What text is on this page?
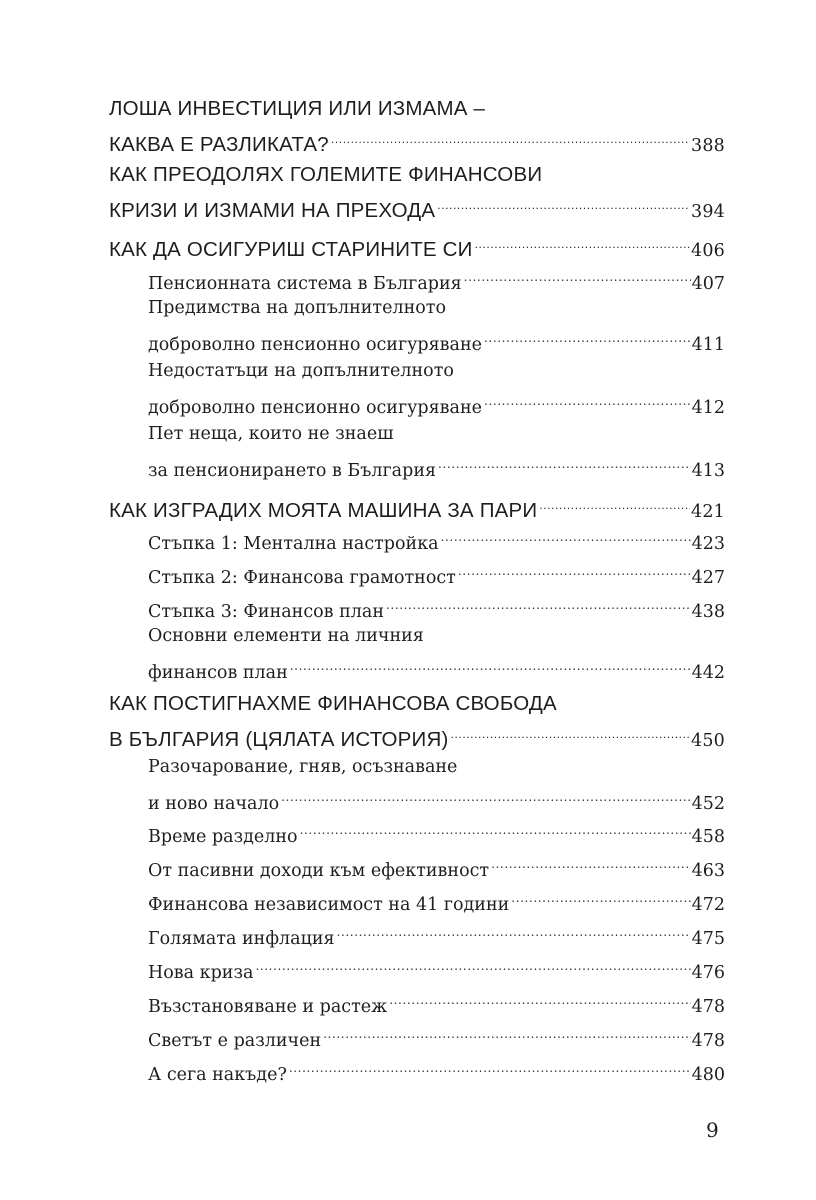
ЛОША ИНВЕСТИЦИЯ ИЛИ ИЗМАМА –
КАКВА Е РАЗЛИКАТА? .....	388
КАК ПРЕОДОЛЯХ ГОЛЕМИТЕ ФИНАНСОВИ
КРИЗИ И ИЗМАМИ НА ПРЕХОДА .....	394
КАК ДА ОСИГУРИШ СТАРИНИТЕ СИ .....	406
Пенсионната система в България .....	407
Предимства на допълнителното
доброволно пенсионно осигуряване .....	411
Недостатъци на допълнителното
доброволно пенсионно осигуряване .....	412
Пет неща, които не знаеш
за пенсионирането в България .....	413
КАК ИЗГРАДИХ МОЯТА МАШИНА ЗА ПАРИ .....	421
Стъпка 1: Ментална настройка .....	423
Стъпка 2: Финансова грамотност .....	427
Стъпка 3: Финансов план .....	438
Основни елементи на личния
финансов план .....	442
КАК ПОСТИГНАХМЕ ФИНАНСОВА СВОБОДА
В БЪЛГАРИЯ (ЦЯЛАТА ИСТОРИЯ) .....	450
Разочарование, гняв, осъзнаване
и ново начало .....	452
Време разделно .....	458
От пасивни доходи към ефективност .....	463
Финансова независимост на 41 години .....	472
Голямата инфлация .....	475
Нова криза .....	476
Възстановяване и растеж .....	478
Светът е различен .....	478
А сега накъде? .....	480
9
